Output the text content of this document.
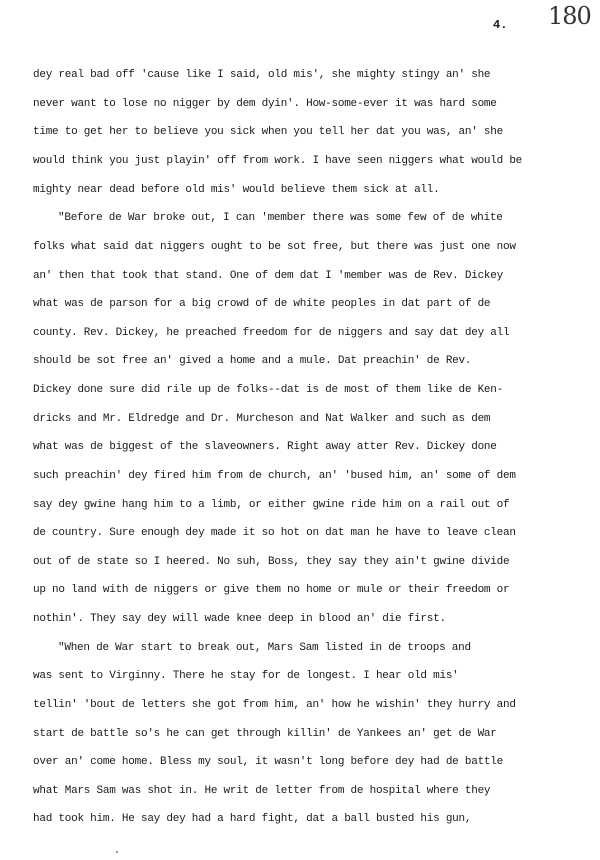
4. 180
dey real bad off 'cause like I said, old mis', she mighty stingy an' she
never want to lose no nigger by dem dyin'. How-some-ever it was hard some
time to get her to believe you sick when you tell her dat you was, an' she
would think you just playin' off from work. I have seen niggers what would be
mighty near dead before old mis' would believe them sick at all.
"Before de War broke out, I can 'member there was some few of de white
folks what said dat niggers ought to be sot free, but there was just one now
an' then that took that stand. One of dem dat I 'member was de Rev. Dickey
what was de parson for a big crowd of de white peoples in dat part of de
county. Rev. Dickey, he preached freedom for de niggers and say dat dey all
should be sot free an' gived a home and a mule. Dat preachin' de Rev.
Dickey done sure did rile up de folks--dat is de most of them like de Ken-
dricks and Mr. Eldredge and Dr. Murcheson and Nat Walker and such as dem
what was de biggest of the slaveowners. Right away atter Rev. Dickey done
such preachin' dey fired him from de church, an' 'bused him, an' some of dem
say dey gwine hang him to a limb, or either gwine ride him on a rail out of
de country. Sure enough dey made it so hot on dat man he have to leave clean
out of de state so I heered. No suh, Boss, they say they ain't gwine divide
up no land with de niggers or give them no home or mule or their freedom or
nothin'. They say dey will wade knee deep in blood an' die first.
"When de War start to break out, Mars Sam listed in de troops and
was sent to Virginny. There he stay for de longest. I hear old mis'
tellin' 'bout de letters she got from him, an' how he wishin' they hurry and
start de battle so's he can get through killin' de Yankees an' get de War
over an' come home. Bless my soul, it wasn't long before dey had de battle
what Mars Sam was shot in. He writ de letter from de hospital where they
had took him. He say dey had a hard fight, dat a ball busted his gun,
